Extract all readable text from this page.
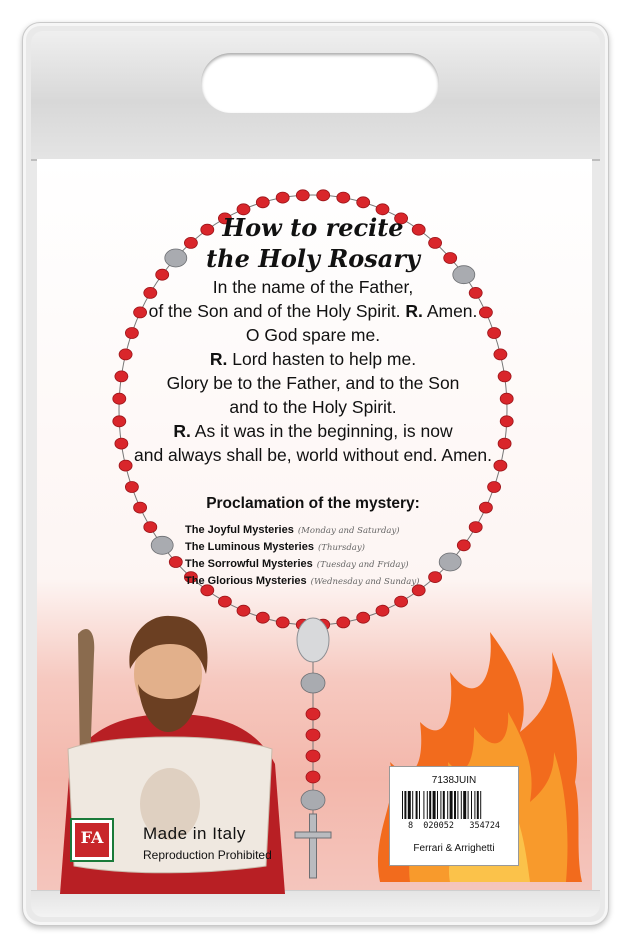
How to recite
the Holy Rosary
In the name of the Father,
of the Son and of the Holy Spirit. R. Amen.
O God spare me.
R. Lord hasten to help me.
Glory be to the Father, and to the Son
and to the Holy Spirit.
R. As it was in the beginning, is now
and always shall be, world without end. Amen.
Proclamation of the mystery:
The Joyful Mysteries (Monday and Saturday)
The Luminous Mysteries (Thursday)
The Sorrowful Mysteries (Tuesday and Friday)
The Glorious Mysteries (Wednesday and Sunday)
FA	Made in Italy
Reproduction Prohibited
7138JUIN
8  020052   354724
Ferrari & Arrighetti
